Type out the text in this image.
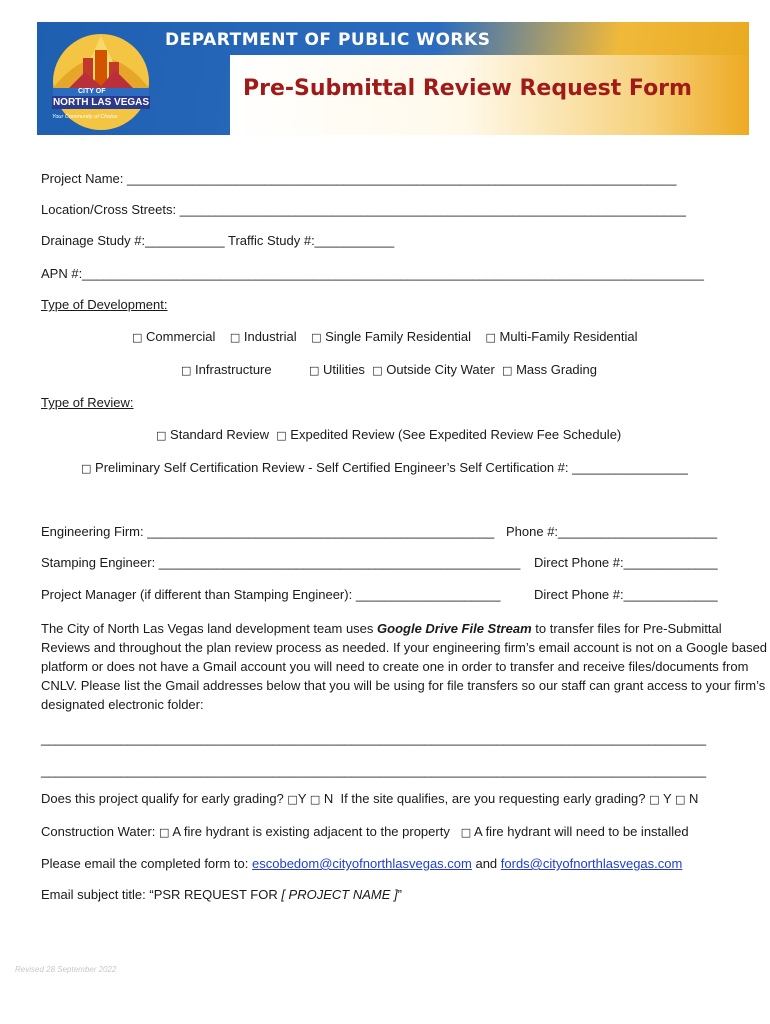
DEPARTMENT OF PUBLIC WORKS
Pre-Submittal Review Request Form
CITY OF
NORTH LAS VEGAS
Your Community of Choice
Project Name: ____________________________________________________________________________
Location/Cross Streets: ______________________________________________________________________
Drainage Study #:___________ Traffic Study #:___________
APN #:______________________________________________________________________________________
Type of Development:
□ Commercial □ Industrial □ Single Family Residential □ Multi-Family Residential
□ Infrastructure	□ Utilities □ Outside City Water □ Mass Grading
Type of Review:
□ Standard Review □ Expedited Review (See Expedited Review Fee Schedule)
□ Preliminary Self Certification Review - Self Certified Engineer’s Self Certification #: ________________
Engineering Firm: ________________________________________________ Phone #:______________________
Stamping Engineer: __________________________________________________ Direct Phone #:_____________
Project Manager (if different than Stamping Engineer): ____________________	Direct Phone #:_____________
The City of North Las Vegas land development team uses Google Drive File Stream to transfer files for Pre-Submittal Reviews and throughout the plan review process as needed. If your engineering firm’s email account is not on a Google based platform or does not have a Gmail account you will need to create one in order to transfer and receive files/documents from CNLV. Please list the Gmail addresses below that you will be using for file transfers so our staff can grant access to your firm’s designated electronic folder:
____________________________________________________________________________________________
____________________________________________________________________________________________
Does this project qualify for early grading? □Y □ N If the site qualifies, are you requesting early grading? □ Y □ N
Construction Water: □ A fire hydrant is existing adjacent to the property □ A fire hydrant will need to be installed
Please email the completed form to: escobedom@cityofnorthlasvegas.com and fords@cityofnorthlasvegas.com
Email subject title: “PSR REQUEST FOR [ PROJECT NAME ]”
Revised 28 September 2022
